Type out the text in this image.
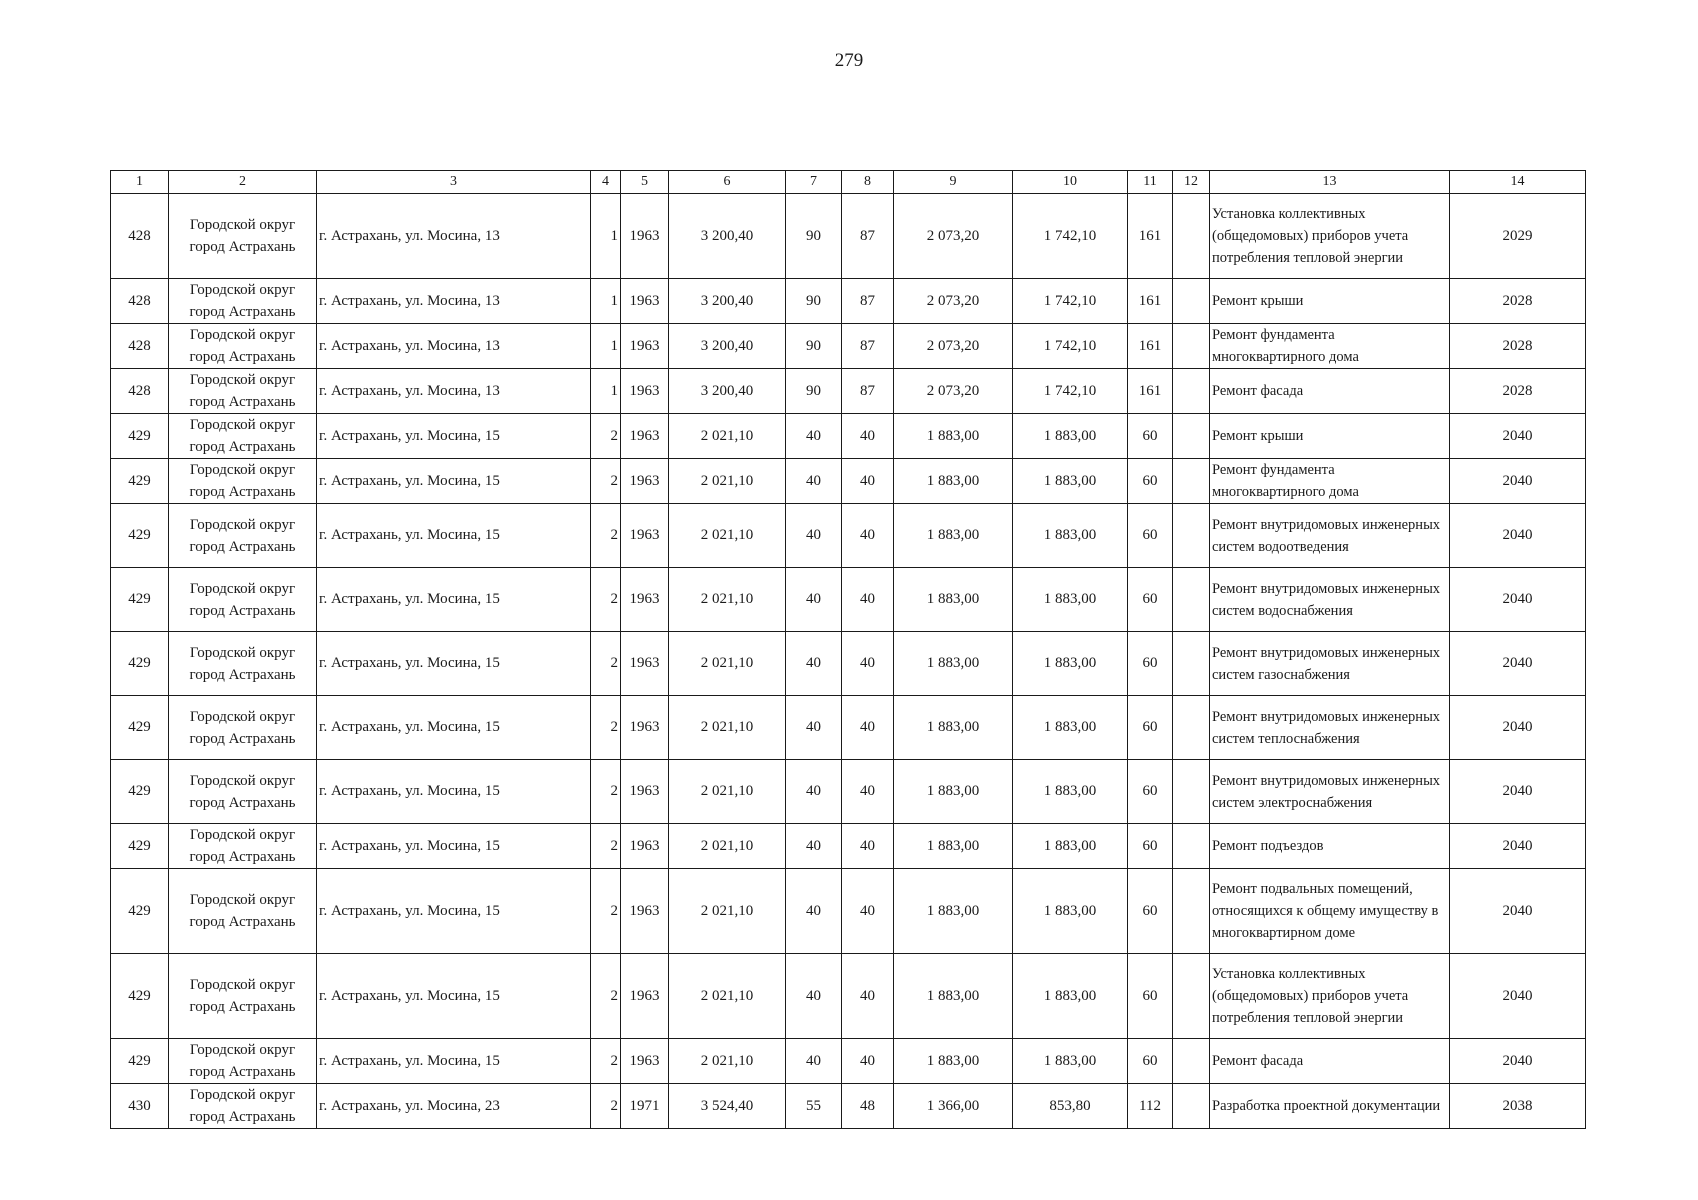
279
1	2	3	4	5	6	7	8	9	10	11	12	13	14
428	Городской округ город Астрахань	г. Астрахань, ул. Мосина, 13	1	1963	3 200,40	90	87	2 073,20	1 742,10	161		Установка коллективных (общедомовых) приборов учета потребления тепловой энергии	2029
428	Городской округ город Астрахань	г. Астрахань, ул. Мосина, 13	1	1963	3 200,40	90	87	2 073,20	1 742,10	161		Ремонт крыши	2028
428	Городской округ город Астрахань	г. Астрахань, ул. Мосина, 13	1	1963	3 200,40	90	87	2 073,20	1 742,10	161		Ремонт фундамента многоквартирного дома	2028
428	Городской округ город Астрахань	г. Астрахань, ул. Мосина, 13	1	1963	3 200,40	90	87	2 073,20	1 742,10	161		Ремонт фасада	2028
429	Городской округ город Астрахань	г. Астрахань, ул. Мосина, 15	2	1963	2 021,10	40	40	1 883,00	1 883,00	60		Ремонт крыши	2040
429	Городской округ город Астрахань	г. Астрахань, ул. Мосина, 15	2	1963	2 021,10	40	40	1 883,00	1 883,00	60		Ремонт фундамента многоквартирного дома	2040
429	Городской округ город Астрахань	г. Астрахань, ул. Мосина, 15	2	1963	2 021,10	40	40	1 883,00	1 883,00	60		Ремонт внутридомовых инженерных систем водоотведения	2040
429	Городской округ город Астрахань	г. Астрахань, ул. Мосина, 15	2	1963	2 021,10	40	40	1 883,00	1 883,00	60		Ремонт внутридомовых инженерных систем водоснабжения	2040
429	Городской округ город Астрахань	г. Астрахань, ул. Мосина, 15	2	1963	2 021,10	40	40	1 883,00	1 883,00	60		Ремонт внутридомовых инженерных систем газоснабжения	2040
429	Городской округ город Астрахань	г. Астрахань, ул. Мосина, 15	2	1963	2 021,10	40	40	1 883,00	1 883,00	60		Ремонт внутридомовых инженерных систем теплоснабжения	2040
429	Городской округ город Астрахань	г. Астрахань, ул. Мосина, 15	2	1963	2 021,10	40	40	1 883,00	1 883,00	60		Ремонт внутридомовых инженерных систем электроснабжения	2040
429	Городской округ город Астрахань	г. Астрахань, ул. Мосина, 15	2	1963	2 021,10	40	40	1 883,00	1 883,00	60		Ремонт подъездов	2040
429	Городской округ город Астрахань	г. Астрахань, ул. Мосина, 15	2	1963	2 021,10	40	40	1 883,00	1 883,00	60		Ремонт подвальных помещений, относящихся к общему имуществу в многоквартирном доме	2040
429	Городской округ город Астрахань	г. Астрахань, ул. Мосина, 15	2	1963	2 021,10	40	40	1 883,00	1 883,00	60		Установка коллективных (общедомовых) приборов учета потребления тепловой энергии	2040
429	Городской округ город Астрахань	г. Астрахань, ул. Мосина, 15	2	1963	2 021,10	40	40	1 883,00	1 883,00	60		Ремонт фасада	2040
430	Городской округ город Астрахань	г. Астрахань, ул. Мосина, 23	2	1971	3 524,40	55	48	1 366,00	853,80	112		Разработка проектной документации	2038
